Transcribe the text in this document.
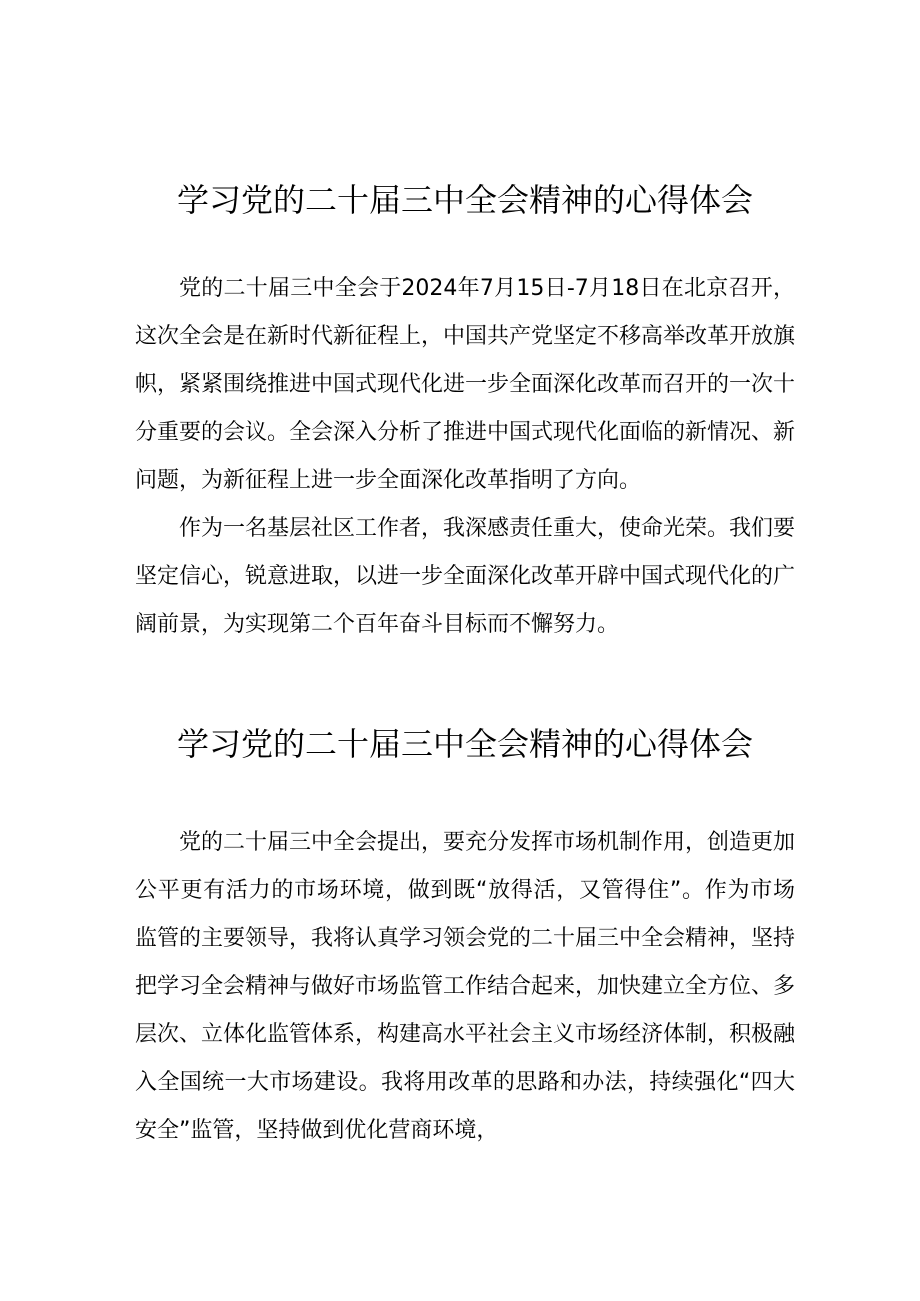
学习党的二十届三中全会精神的心得体会

党的二十届三中全会于2024年7月15日-7月18日在北京召开，这次全会是在新时代新征程上，中国共产党坚定不移高举改革开放旗帜，紧紧围绕推进中国式现代化进一步全面深化改革而召开的一次十分重要的会议。全会深入分析了推进中国式现代化面临的新情况、新问题，为新征程上进一步全面深化改革指明了方向。

作为一名基层社区工作者，我深感责任重大，使命光荣。我们要坚定信心，锐意进取，以进一步全面深化改革开辟中国式现代化的广阔前景，为实现第二个百年奋斗目标而不懈努力。

学习党的二十届三中全会精神的心得体会

党的二十届三中全会提出，要充分发挥市场机制作用，创造更加公平更有活力的市场环境，做到既“放得活，又管得住”。作为市场监管的主要领导，我将认真学习领会党的二十届三中全会精神，坚持把学习全会精神与做好市场监管工作结合起来，加快建立全方位、多层次、立体化监管体系，构建高水平社会主义市场经济体制，积极融入全国统一大市场建设。我将用改革的思路和办法，持续强化“四大安全”监管，坚持做到优化营商环境，
